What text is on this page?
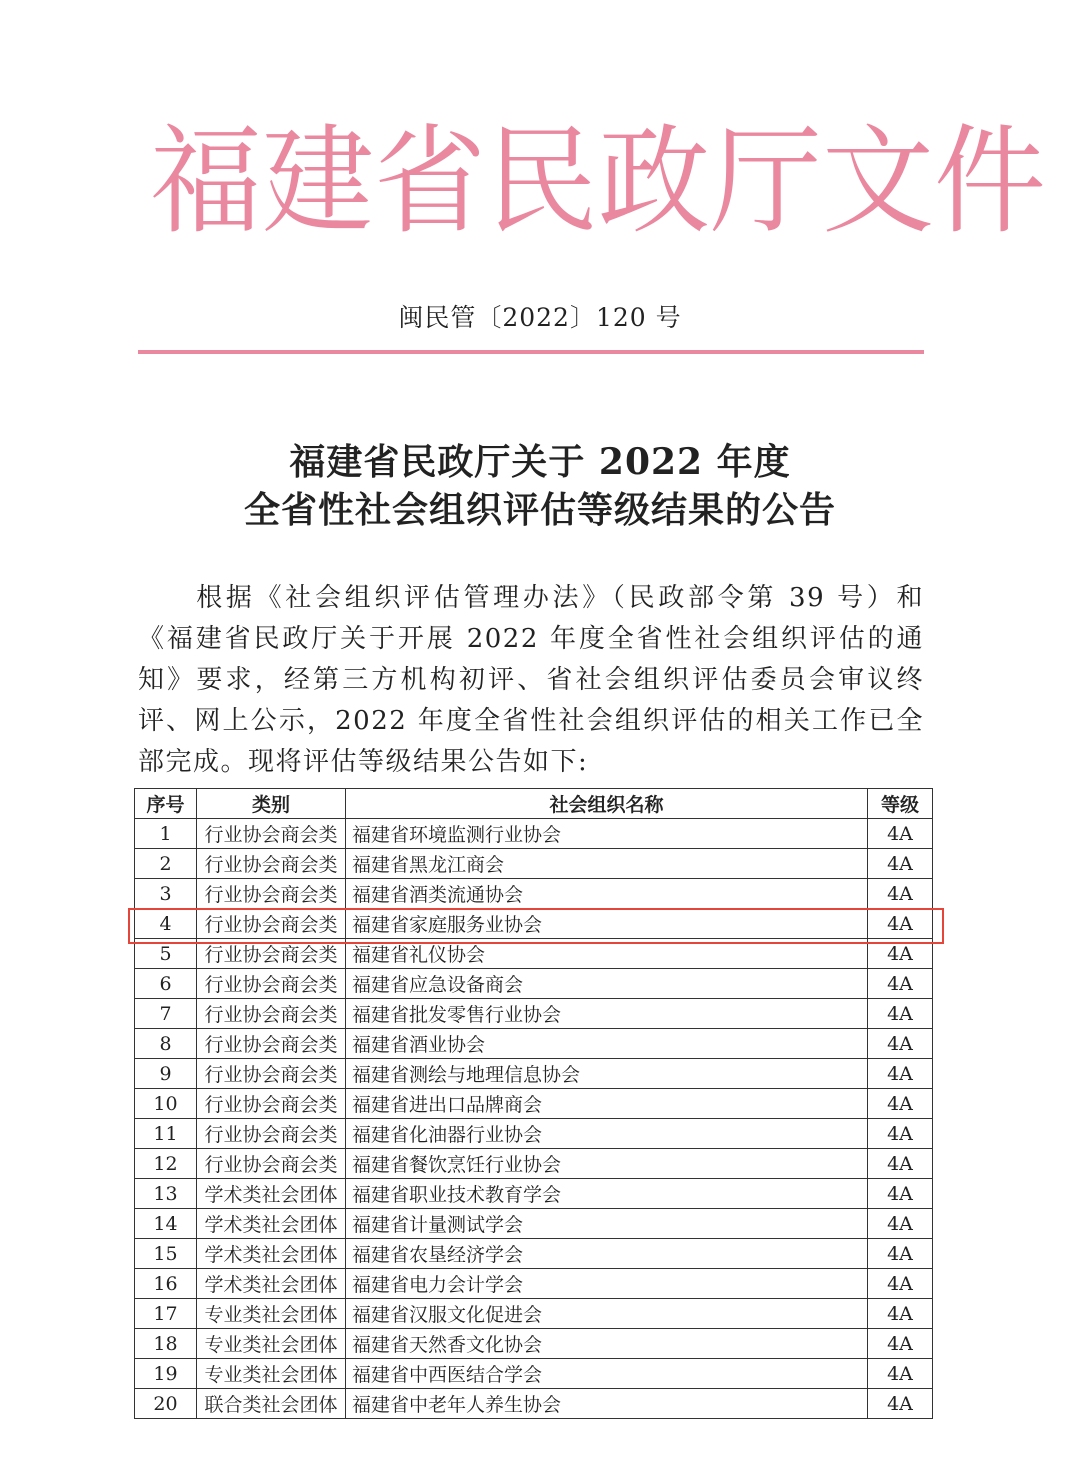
福 建 省 民 政 厅 文 件
闽民管〔2022〕120 号
福建省民政厅关于 2022 年度
全省性社会组织评估等级结果的公告
根据《社会组织评估管理办法》（民政部令第 39 号）和《福建省民政厅关于开展 2022 年度全省性社会组织评估的通知》要求，经第三方机构初评、省社会组织评估委员会审议终评、网上公示，2022 年度全省性社会组织评估的相关工作已全部完成。现将评估等级结果公告如下:
序号	类别	社会组织名称	等级
1	行业协会商会类	福建省环境监测行业协会	4A
2	行业协会商会类	福建省黑龙江商会	4A
3	行业协会商会类	福建省酒类流通协会	4A
4	行业协会商会类	福建省家庭服务业协会	4A
5	行业协会商会类	福建省礼仪协会	4A
6	行业协会商会类	福建省应急设备商会	4A
7	行业协会商会类	福建省批发零售行业协会	4A
8	行业协会商会类	福建省酒业协会	4A
9	行业协会商会类	福建省测绘与地理信息协会	4A
10	行业协会商会类	福建省进出口品牌商会	4A
11	行业协会商会类	福建省化油器行业协会	4A
12	行业协会商会类	福建省餐饮烹饪行业协会	4A
13	学术类社会团体	福建省职业技术教育学会	4A
14	学术类社会团体	福建省计量测试学会	4A
15	学术类社会团体	福建省农垦经济学会	4A
16	学术类社会团体	福建省电力会计学会	4A
17	专业类社会团体	福建省汉服文化促进会	4A
18	专业类社会团体	福建省天然香文化协会	4A
19	专业类社会团体	福建省中西医结合学会	4A
20	联合类社会团体	福建省中老年人养生协会	4A
